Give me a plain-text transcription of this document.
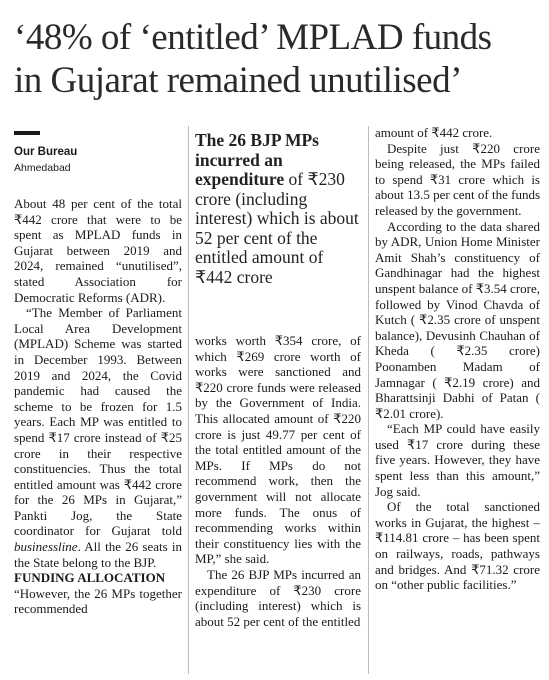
‘48% of ‘entitled’ MPLAD funds
in Gujarat remained unutilised’
Our Bureau
Ahmedabad

About 48 per cent of the total ₹442 crore that were to be spent as MPLAD funds in Gujarat between 2019 and 2024, remained “unutilised”, stated Association for Democratic Reforms (ADR).

“The Member of Parliament Local Area Development (MPLAD) Scheme was started in December 1993. Between 2019 and 2024, the Covid pandemic had caused the scheme to be frozen for 1.5 years. Each MP was entitled to spend ₹17 crore instead of ₹25 crore in their respective constituencies. Thus the total entitled amount was ₹442 crore for the 26 MPs in Gujarat,” Pankti Jog, the State coordinator for Gujarat told businessline. All the 26 seats in the State belong to the BJP.

FUNDING ALLOCATION

“However, the 26 MPs together recommended

The 26 BJP MPs incurred an expenditure of ₹230 crore (including interest) which is about 52 per cent of the entitled amount of ₹442 crore

works worth ₹354 crore, of which ₹269 crore worth of works were sanctioned and ₹220 crore funds were released by the Government of India. This allocated amount of ₹220 crore is just 49.77 per cent of the total entitled amount of the MPs. If MPs do not recommend work, then the government will not allocate more funds. The onus of recommending works within their constituency lies with the MP,” she said.

The 26 BJP MPs incurred an expenditure of ₹230 crore (including interest) which is about 52 per cent of the entitled

amount of ₹442 crore.

Despite just ₹220 crore being released, the MPs failed to spend ₹31 crore which is about 13.5 per cent of the funds released by the government.

According to the data shared by ADR, Union Home Minister Amit Shah’s constituency of Gandhinagar had the highest unspent balance of ₹3.54 crore, followed by Vinod Chavda of Kutch ( ₹2.35 crore of unspent balance), Devusinh Chauhan of Kheda ( ₹2.35 crore) Poonamben Madam of Jamnagar ( ₹2.19 crore) and Bharattsinji Dabhi of Patan ( ₹2.01 crore).

“Each MP could have easily used ₹17 crore during these five years. However, they have spent less than this amount,” Jog said.

Of the total sanctioned works in Gujarat, the highest –₹114.81 crore – has been spent on railways, roads, pathways and bridges. And ₹71.32 crore on “other public facilities.”
